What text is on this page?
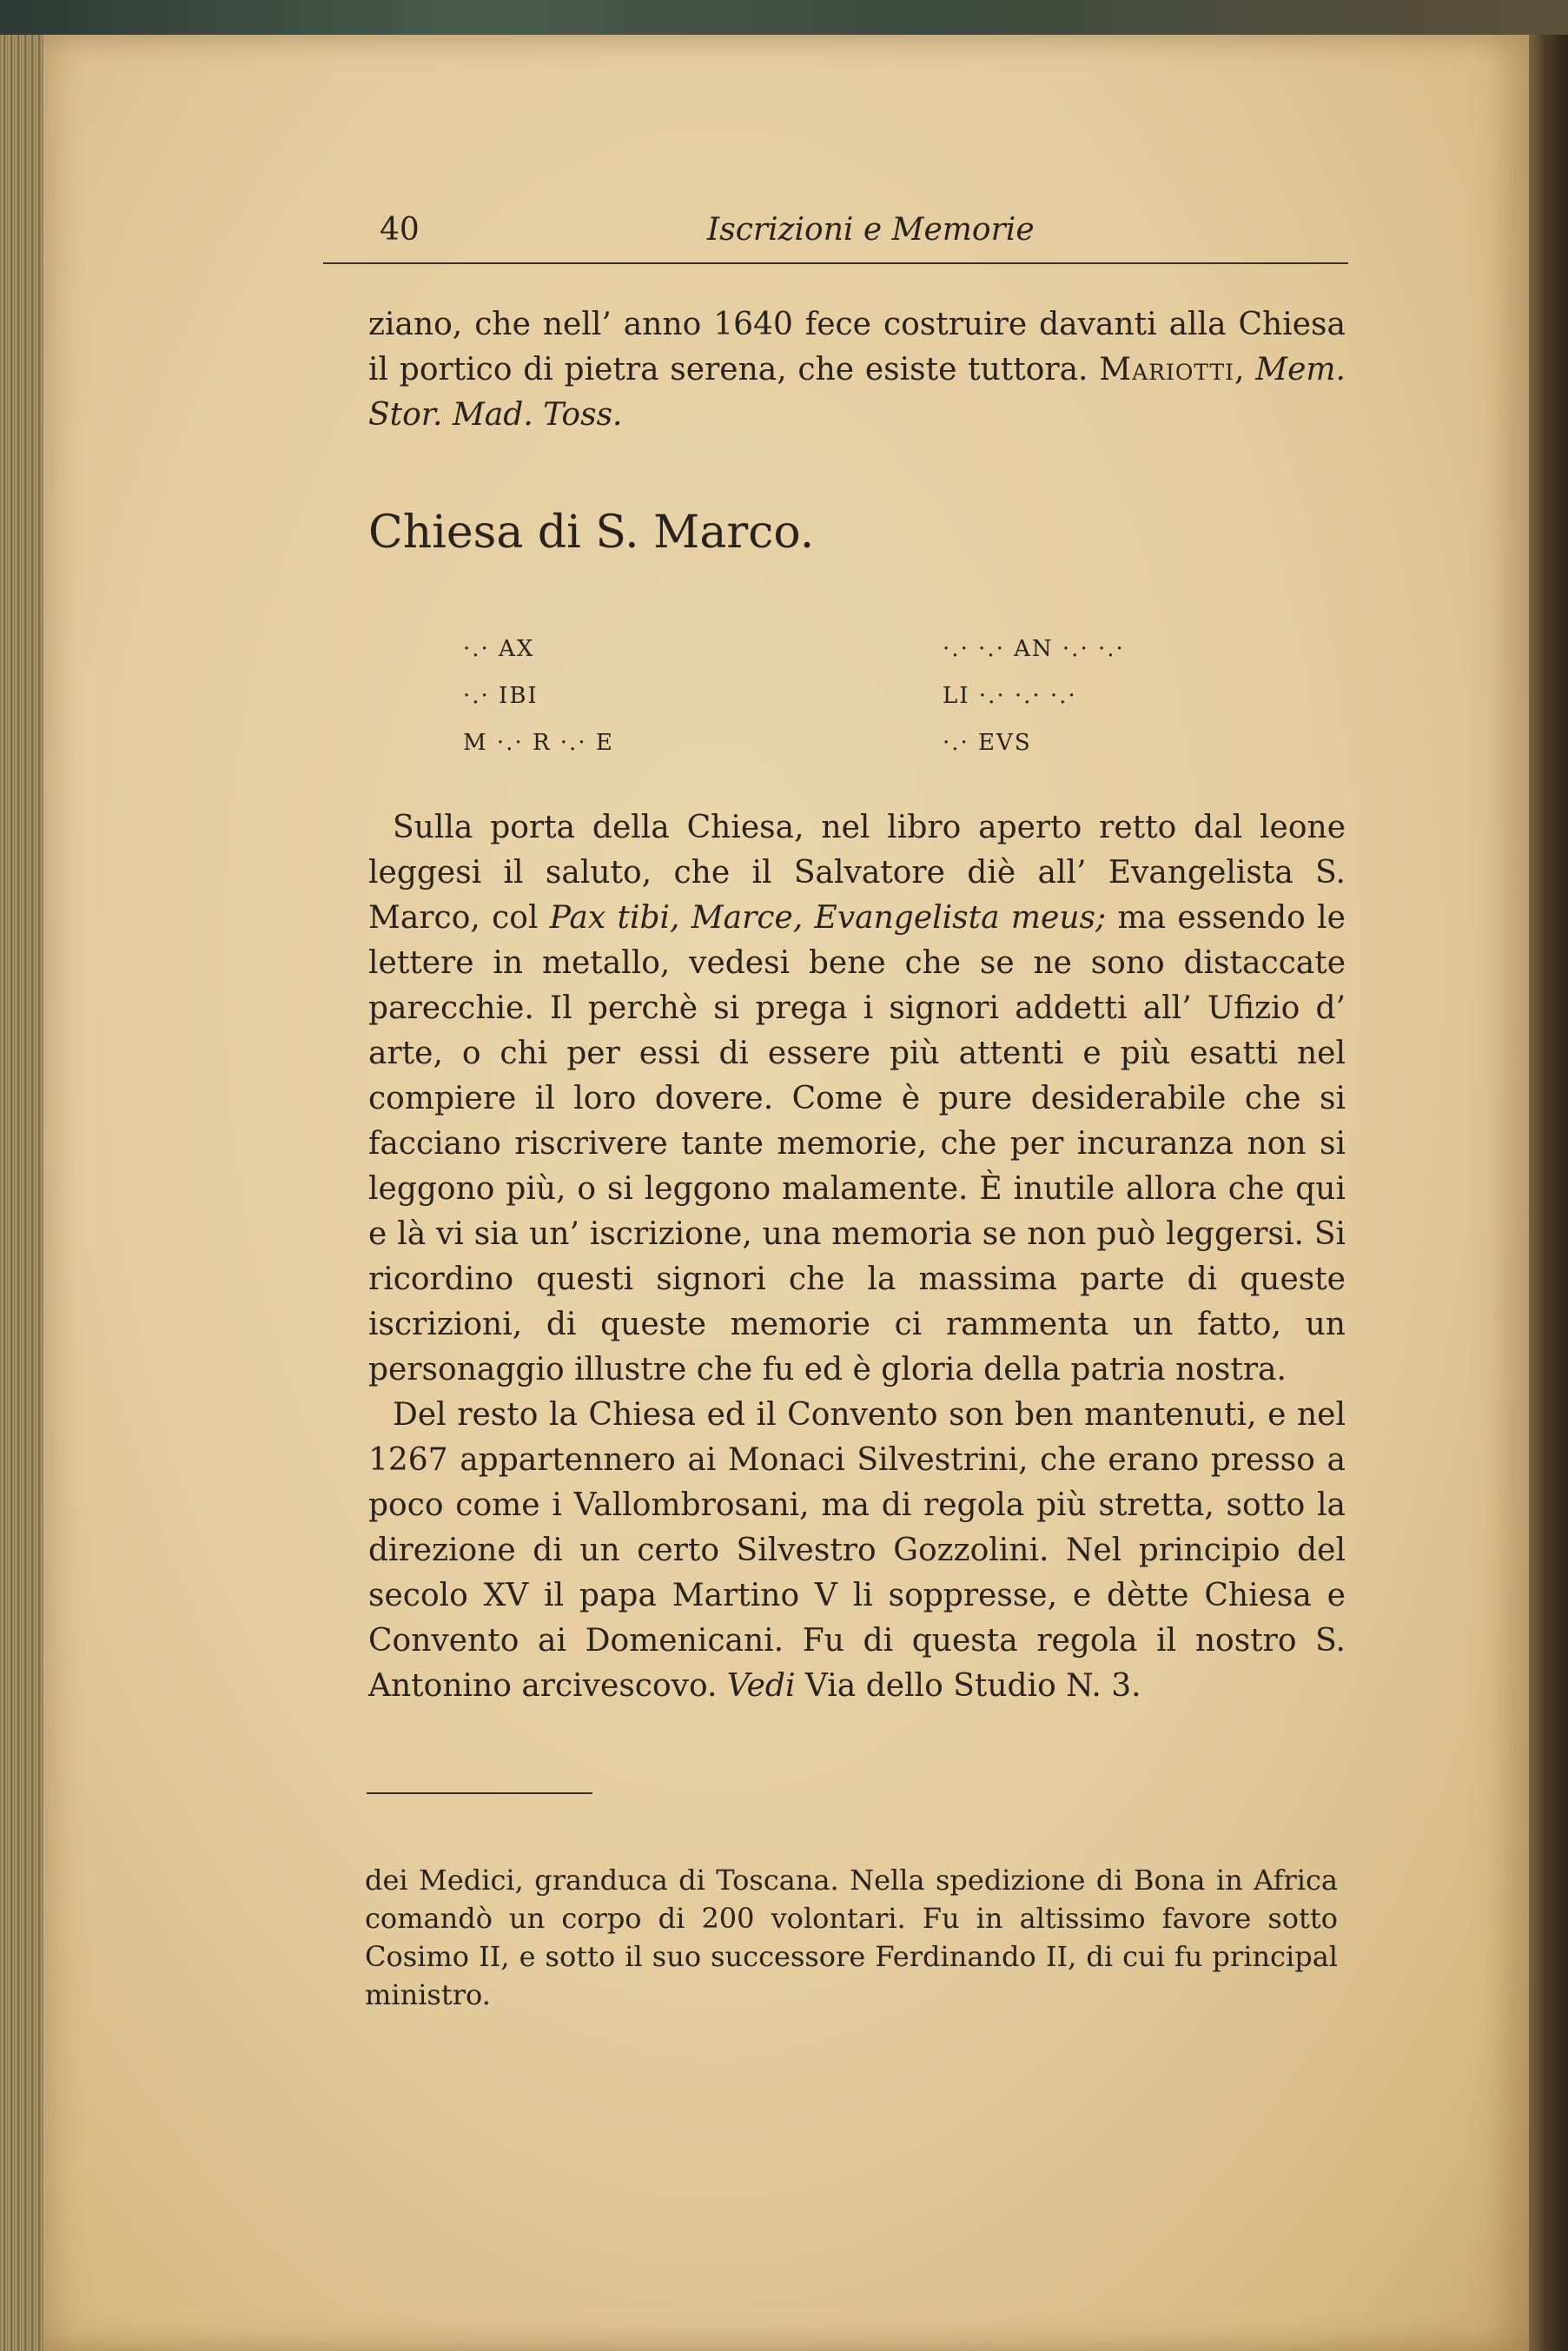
40	Iscrizioni e Memorie

ziano, che nell’ anno 1640 fece costruire davanti alla Chiesa il portico di pietra serena, che esiste tuttora. Mariotti, Mem. Stor. Mad. Toss.

Chiesa di S. Marco.
·.· AX
·.· IBI
M ·.· R ·.· E
·.· ·.· AN ·.· ·.·
LI ·.· ·.· ·.·
·.· EVS

Sulla porta della Chiesa, nel libro aperto retto dal leone leggesi il saluto, che il Salvatore diè all’ Evangelista S. Marco, col Pax tibi, Marce, Evangelista meus; ma essendo le lettere in metallo, vedesi bene che se ne sono distaccate parecchie. Il perchè si prega i signori addetti all’ Ufizio d’ arte, o chi per essi di essere più attenti e più esatti nel compiere il loro dovere. Come è pure desiderabile che si facciano riscrivere tante memorie, che per incuranza non si leggono più, o si leggono malamente. È inutile allora che qui e là vi sia un’ iscrizione, una memoria se non può leggersi. Si ricordino questi signori che la massima parte di queste iscrizioni, di queste memorie ci rammenta un fatto, un personaggio illustre che fu ed è gloria della patria nostra.

Del resto la Chiesa ed il Convento son ben mantenuti, e nel 1267 appartennero ai Monaci Silvestrini, che erano presso a poco come i Vallombrosani, ma di regola più stretta, sotto la direzione di un certo Silvestro Gozzolini. Nel principio del secolo XV il papa Martino V li soppresse, e dètte Chiesa e Convento ai Domenicani. Fu di questa regola il nostro S. Antonino arcivescovo. Vedi Via dello Studio N. 3.

dei Medici, granduca di Toscana. Nella spedizione di Bona in Africa comandò un corpo di 200 volontari. Fu in altissimo favore sotto Cosimo II, e sotto il suo successore Ferdinando II, di cui fu principal ministro.
